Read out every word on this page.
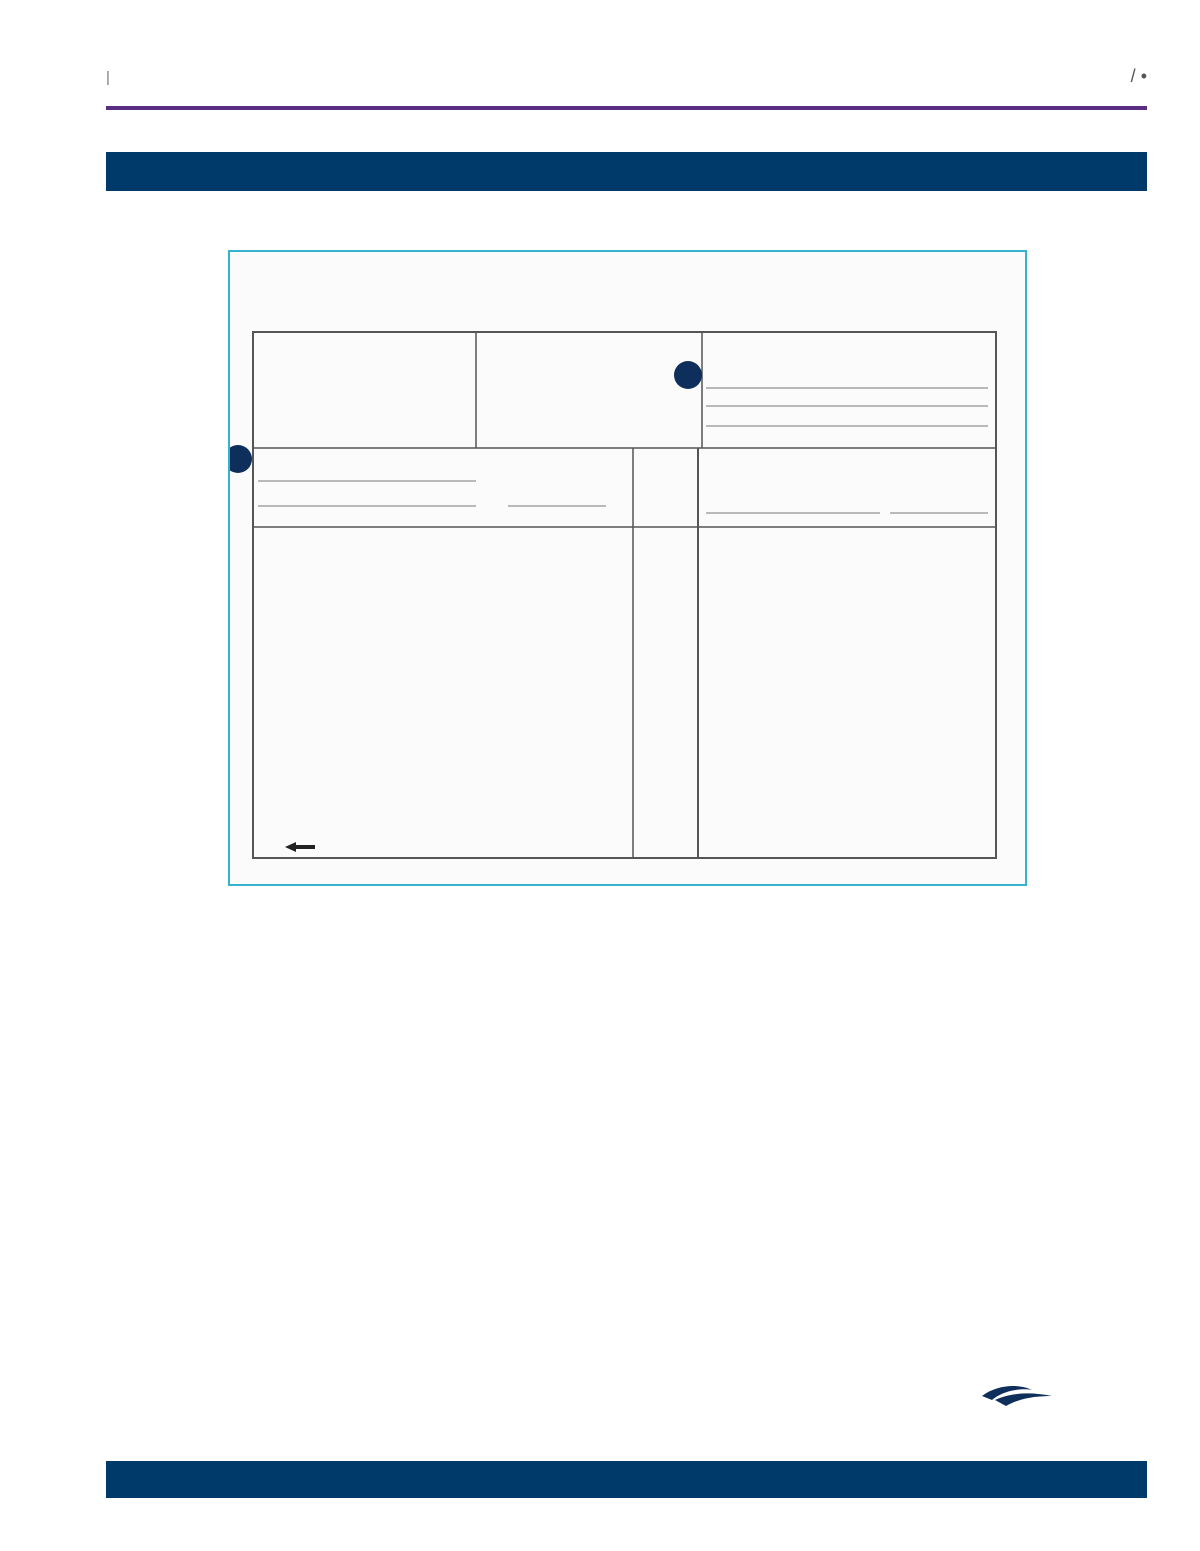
|	/ •
